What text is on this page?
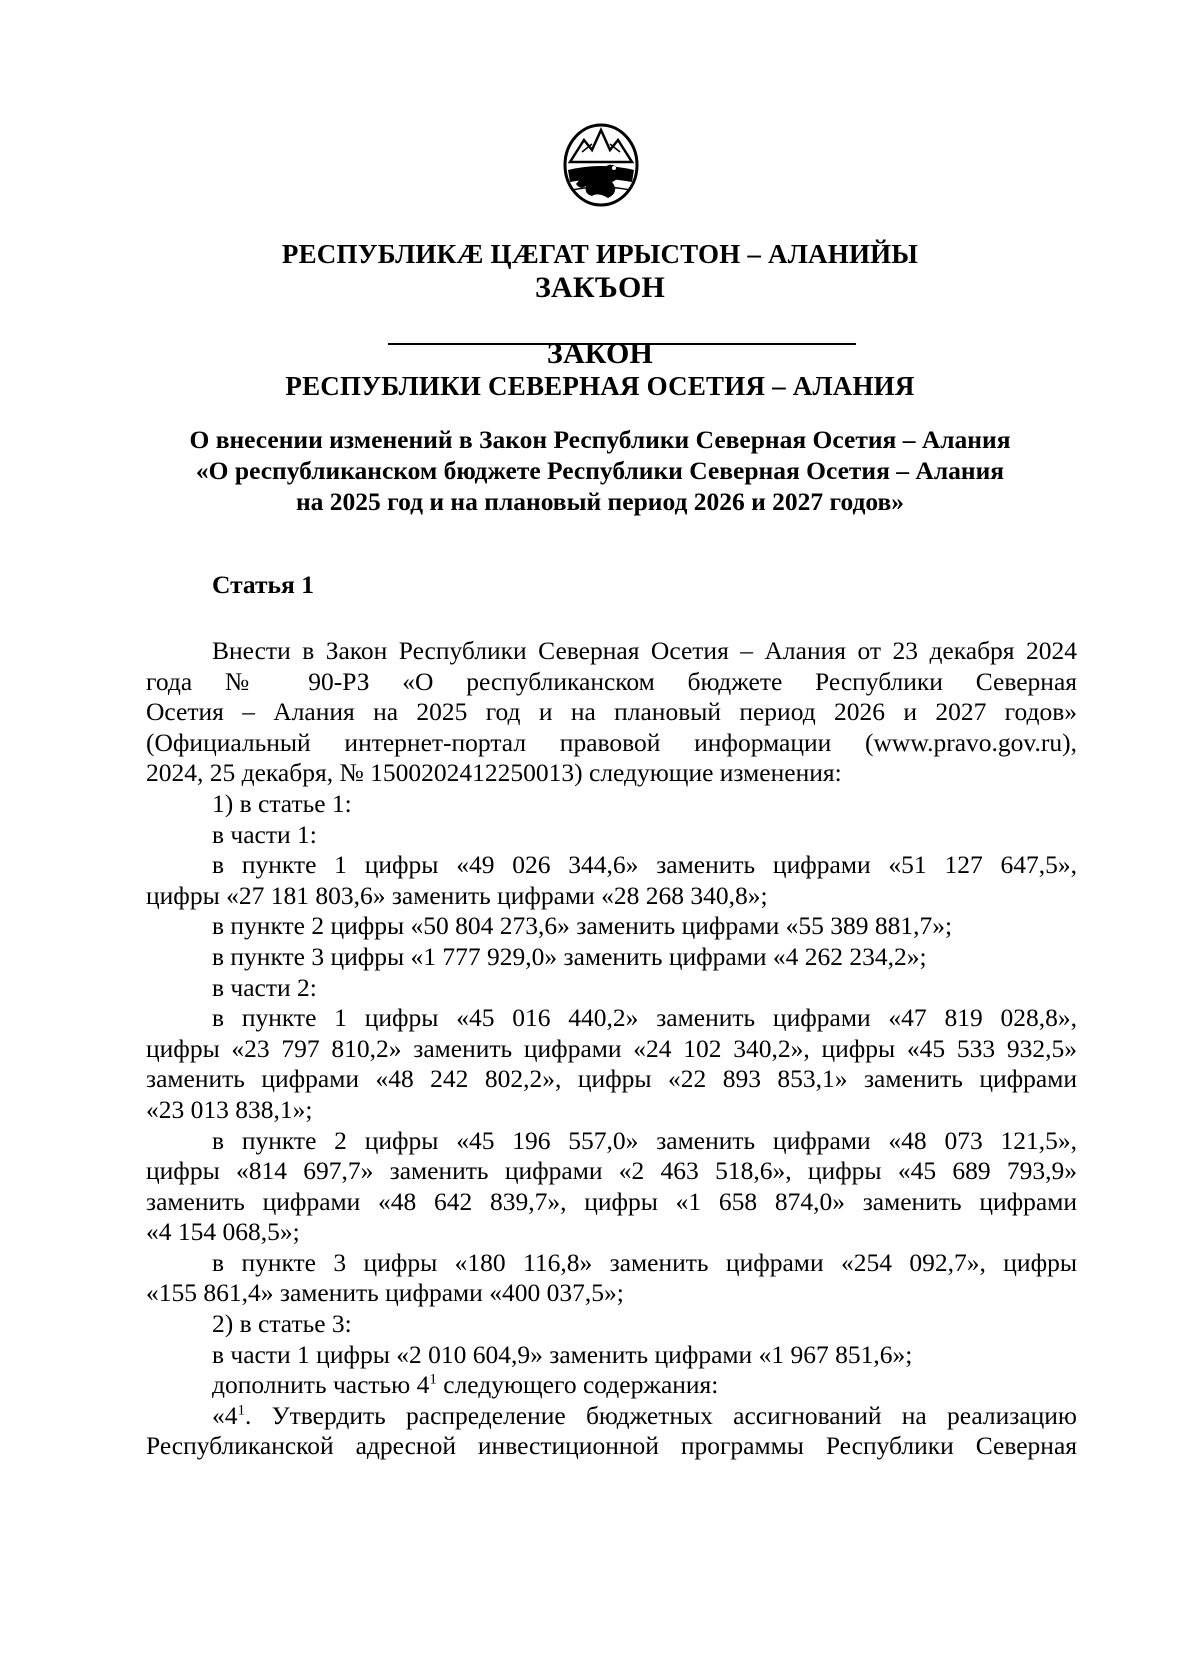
РЕСПУБЛИКÆ ЦÆГАТ ИРЫСТОН – АЛАНИЙЫ
ЗАКЪОН
ЗАКОН
РЕСПУБЛИКИ СЕВЕРНАЯ ОСЕТИЯ – АЛАНИЯ
О внесении изменений в Закон Республики Северная Осетия – Алания
«О республиканском бюджете Республики Северная Осетия – Алания
на 2025 год и на плановый период 2026 и 2027 годов»
Статья 1
Внести в Закон Республики Северная Осетия – Алания от 23 декабря 2024
года № 90-РЗ «О республиканском бюджете Республики Северная
Осетия – Алания на 2025 год и на плановый период 2026 и 2027 годов»
(Официальный интернет-портал правовой информации (www.pravo.gov.ru),
2024, 25 декабря, № 1500202412250013) следующие изменения:
1) в статье 1:
в части 1:
в пункте 1 цифры «49 026 344,6» заменить цифрами «51 127 647,5»,
цифры «27 181 803,6» заменить цифрами «28 268 340,8»;
в пункте 2 цифры «50 804 273,6» заменить цифрами «55 389 881,7»;
в пункте 3 цифры «1 777 929,0» заменить цифрами «4 262 234,2»;
в части 2:
в пункте 1 цифры «45 016 440,2» заменить цифрами «47 819 028,8»,
цифры «23 797 810,2» заменить цифрами «24 102 340,2», цифры «45 533 932,5»
заменить цифрами «48 242 802,2», цифры «22 893 853,1» заменить цифрами
«23 013 838,1»;
в пункте 2 цифры «45 196 557,0» заменить цифрами «48 073 121,5»,
цифры «814 697,7» заменить цифрами «2 463 518,6», цифры «45 689 793,9»
заменить цифрами «48 642 839,7», цифры «1 658 874,0» заменить цифрами
«4 154 068,5»;
в пункте 3 цифры «180 116,8» заменить цифрами «254 092,7», цифры
«155 861,4» заменить цифрами «400 037,5»;
2) в статье 3:
в части 1 цифры «2 010 604,9» заменить цифрами «1 967 851,6»;
дополнить частью $4^1$ следующего содержания:
«$4^1$. Утвердить распределение бюджетных ассигнований на реализацию
Республиканской адресной инвестиционной программы Республики Северная
